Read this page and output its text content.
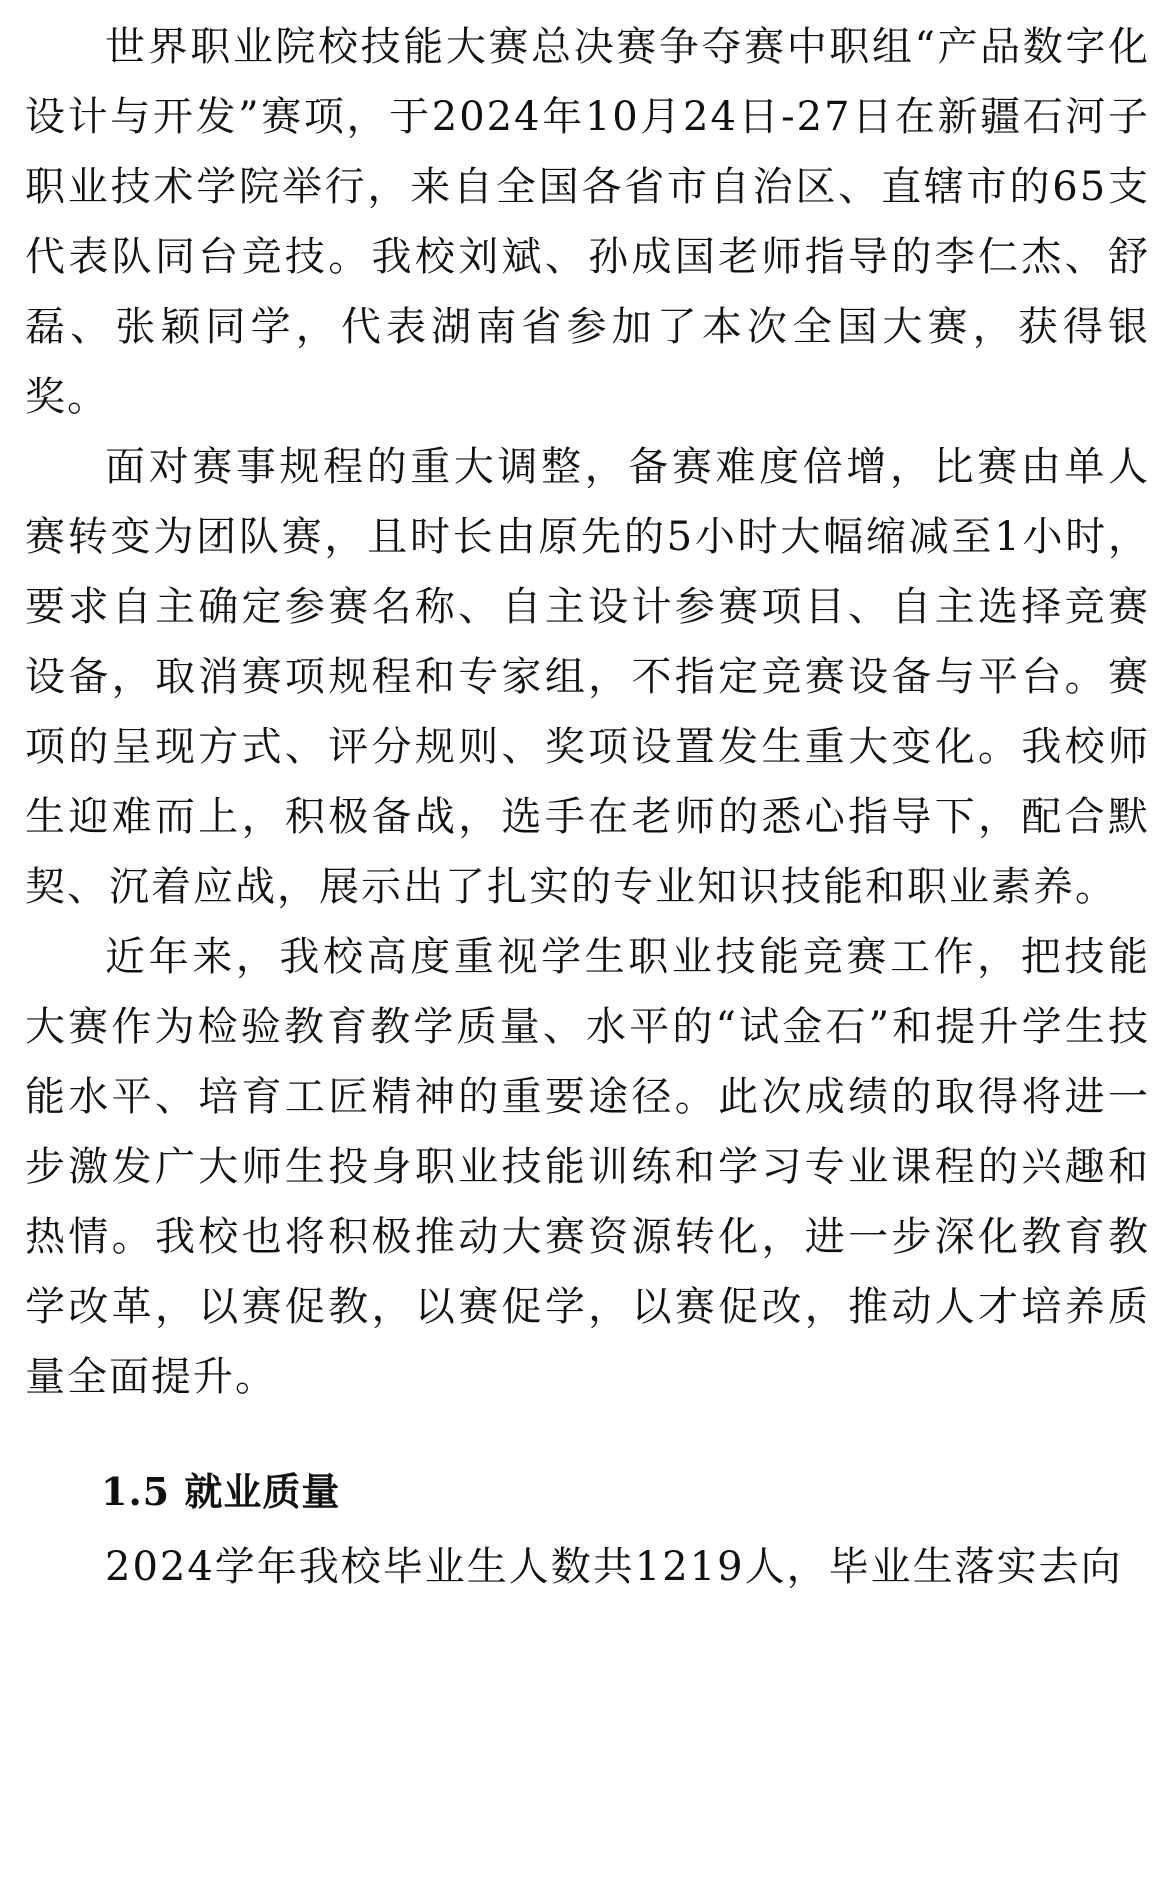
世界职业院校技能大赛总决赛争夺赛中职组“产品数字化设计与开发”赛项，于2024年10月24日-27日在新疆石河子职业技术学院举行，来自全国各省市自治区、直辖市的65支代表队同台竞技。我校刘斌、孙成国老师指导的李仁杰、舒磊、张颖同学，代表湖南省参加了本次全国大赛，获得银奖。

面对赛事规程的重大调整，备赛难度倍增，比赛由单人赛转变为团队赛，且时长由原先的5小时大幅缩减至1小时，要求自主确定参赛名称、自主设计参赛项目、自主选择竞赛设备，取消赛项规程和专家组，不指定竞赛设备与平台。赛项的呈现方式、评分规则、奖项设置发生重大变化。我校师生迎难而上，积极备战，选手在老师的悉心指导下，配合默契、沉着应战，展示出了扎实的专业知识技能和职业素养。

近年来，我校高度重视学生职业技能竞赛工作，把技能大赛作为检验教育教学质量、水平的“试金石”和提升学生技能水平、培育工匠精神的重要途径。此次成绩的取得将进一步激发广大师生投身职业技能训练和学习专业课程的兴趣和热情。我校也将积极推动大赛资源转化，进一步深化教育教学改革，以赛促教，以赛促学，以赛促改，推动人才培养质量全面提升。

1.5 就业质量

2024学年我校毕业生人数共1219人，毕业生落实去向
